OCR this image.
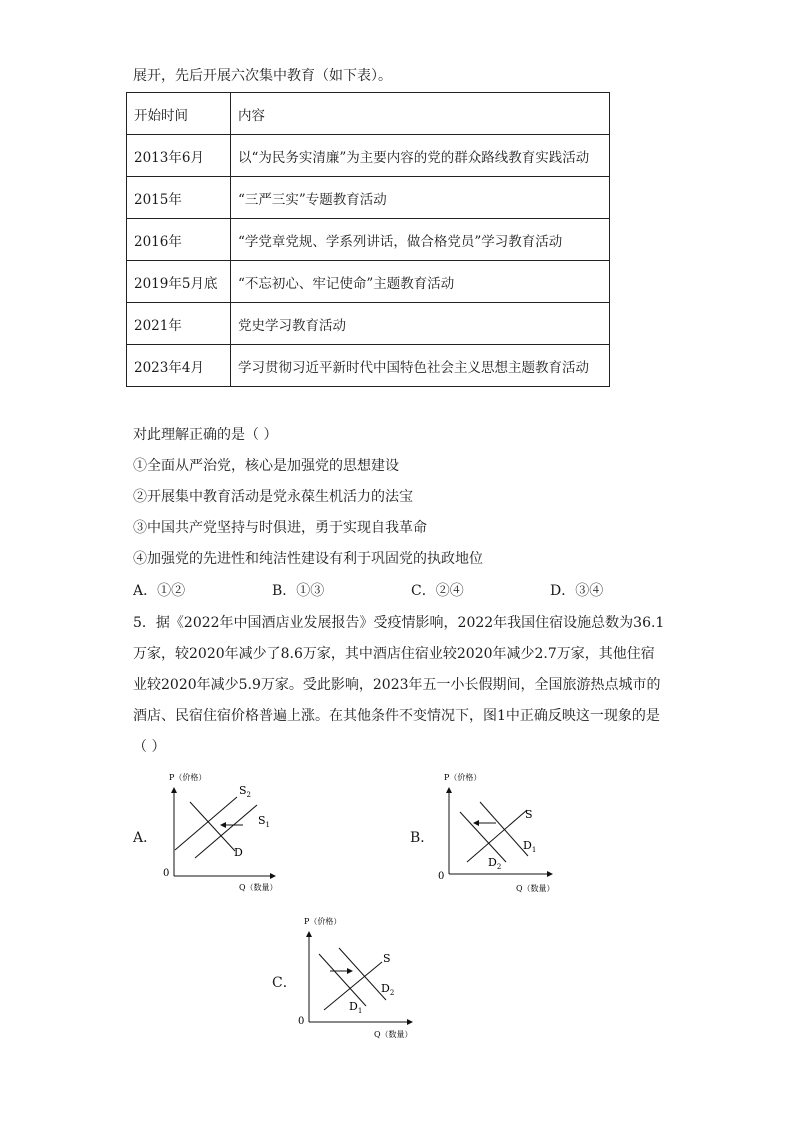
展开，先后开展六次集中教育（如下表）。
开始时间	内容
2013年6月	以“为民务实清廉”为主要内容的党的群众路线教育实践活动
2015年	“三严三实”专题教育活动
2016年	“学党章党规、学系列讲话，做合格党员”学习教育活动
2019年5月底	“不忘初心、牢记使命”主题教育活动
2021年	党史学习教育活动
2023年4月	学习贯彻习近平新时代中国特色社会主义思想主题教育活动
对此理解正确的是（ ）
①全面从严治党，核心是加强党的思想建设
②开展集中教育活动是党永葆生机活力的法宝
③中国共产党坚持与时俱进，勇于实现自我革命
④加强党的先进性和纯洁性建设有利于巩固党的执政地位
A．①②	B．①③	C．②④	D．③④
5．据《2022年中国酒店业发展报告》受疫情影响，2022年我国住宿设施总数为36.1
万家，较2020年减少了8.6万家，其中酒店住宿业较2020年减少2.7万家，其他住宿
业较2020年减少5.9万家。受此影响，2023年五一小长假期间，全国旅游热点城市的
酒店、民宿住宿价格普遍上涨。在其他条件不变情况下，图1中正确反映这一现象的是
（ ）
A．
P（价格）
0
Q（数量）
$S_2$
$S_1$
D
B．
P（价格）
0
Q（数量）
S
$D_1$
$D_2$
C．
P（价格）
0
Q（数量）
S
$D_2$
$D_1$
